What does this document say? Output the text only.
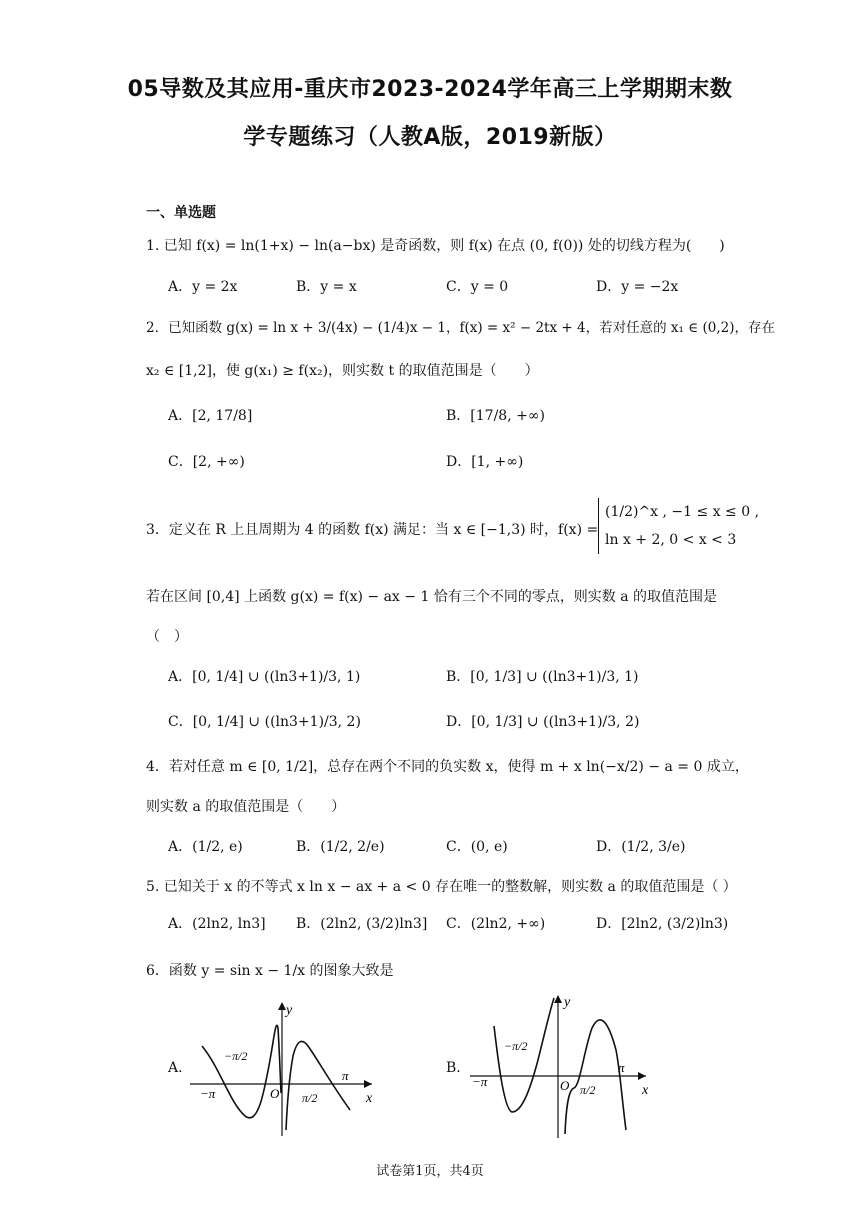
05导数及其应用-重庆市2023-2024学年高三上学期期末数
学专题练习（人教A版，2019新版）
一、单选题
1. 已知 f(x) = ln(1+x) − ln(a−bx) 是奇函数，则 f(x) 在点 (0, f(0)) 处的切线方程为(　　)
A．y = 2x	B．y = x	C．y = 0	D．y = −2x
2．已知函数 g(x) = ln x + 3/(4x) − (1/4)x − 1，f(x) = x² − 2tx + 4，若对任意的 x₁ ∈ (0,2)，存在
x₂ ∈ [1,2]，使 g(x₁) ≥ f(x₂)，则实数 t 的取值范围是（　　）
A．[2, 17/8]	B．[17/8, +∞)
C．[2, +∞)	D．[1, +∞)
3．定义在 R 上且周期为 4 的函数 f(x) 满足：当 x ∈ [−1,3) 时，f(x) =
(1/2)^x , −1 ≤ x ≤ 0 ,
ln x + 2, 0 < x < 3
若在区间 [0,4] 上函数 g(x) = f(x) − ax − 1 恰有三个不同的零点，则实数 a 的取值范围是
（　）
A．[0, 1/4] ∪ ((ln3+1)/3, 1)	B．[0, 1/3] ∪ ((ln3+1)/3, 1)
C．[0, 1/4] ∪ ((ln3+1)/3, 2)	D．[0, 1/3] ∪ ((ln3+1)/3, 2)
4．若对任意 m ∈ [0, 1/2]，总存在两个不同的负实数 x，使得 m + x ln(−x/2) − a = 0 成立，
则实数 a 的取值范围是（　　）
A．(1/2, e)	B．(1/2, 2/e)	C．(0, e)	D．(1/2, 3/e)
5. 已知关于 x 的不等式 x ln x − ax + a < 0 存在唯一的整数解，则实数 a 的取值范围是（ ）
A．(2ln2, ln3] B．(2ln2, (3/2)ln3] C．(2ln2, +∞)	D．[2ln2, (3/2)ln3)
6．函数 y = sin x − 1/x 的图象大致是
A.	B.
x
y
O
−π
π
−π/2
π/2	x
y
O
−π
π
−π/2
π/2
试卷第1页，共4页
